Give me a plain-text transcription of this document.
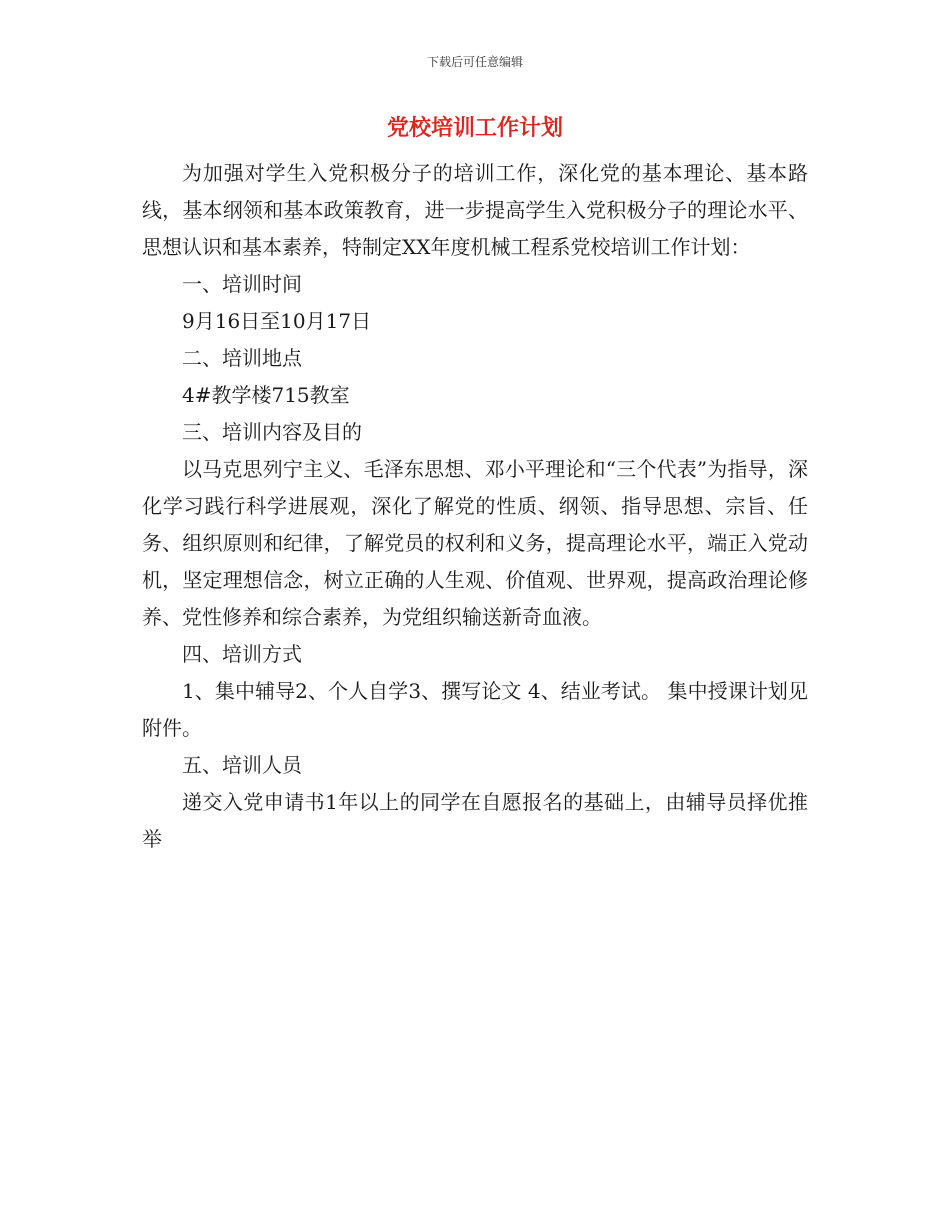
下载后可任意编辑
党校培训工作计划

为加强对学生入党积极分子的培训工作，深化党的基本理论、基本路线，基本纲领和基本政策教育，进一步提高学生入党积极分子的理论水平、思想认识和基本素养，特制定XX年度机械工程系党校培训工作计划：

一、培训时间

9月16日至10月17日

二、培训地点

4#教学楼715教室

三、培训内容及目的

以马克思列宁主义、毛泽东思想、邓小平理论和“三个代表”为指导，深化学习践行科学进展观，深化了解党的性质、纲领、指导思想、宗旨、任务、组织原则和纪律，了解党员的权利和义务，提高理论水平，端正入党动机，坚定理想信念，树立正确的人生观、价值观、世界观，提高政治理论修养、党性修养和综合素养，为党组织输送新奇血液。

四、培训方式

1、集中辅导2、个人自学3、撰写论文 4、结业考试。 集中授课计划见附件。

五、培训人员

递交入党申请书1年以上的同学在自愿报名的基础上，由辅导员择优推举
